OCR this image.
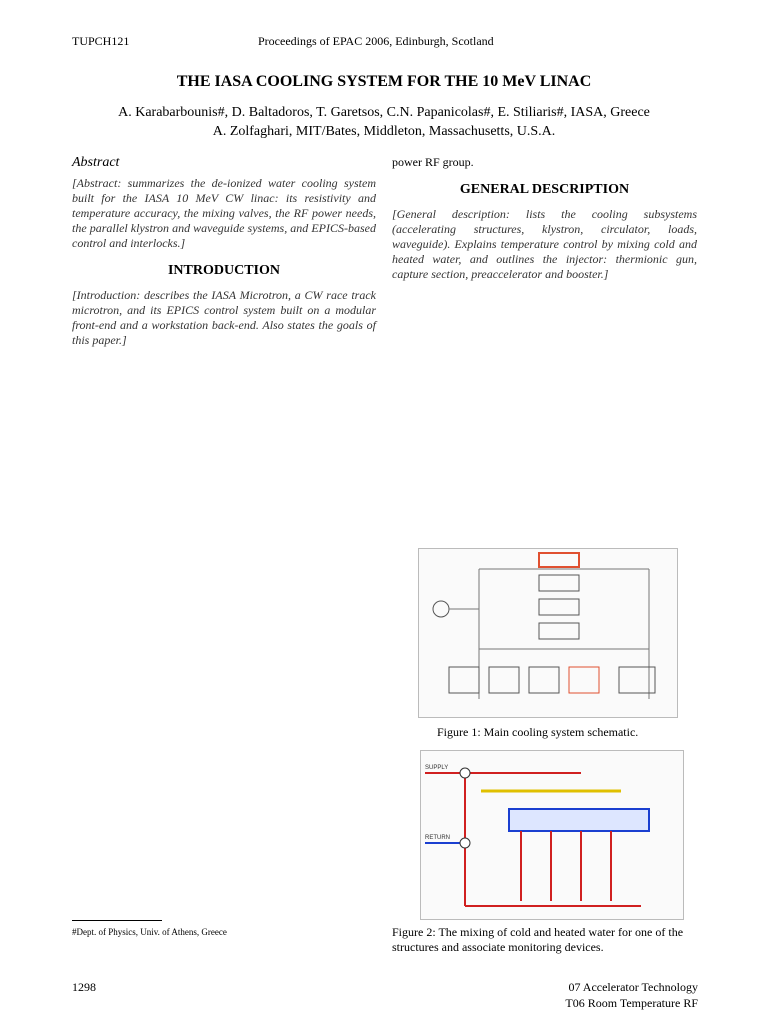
TUPCH121	Proceedings of EPAC 2006, Edinburgh, Scotland
THE IASA COOLING SYSTEM FOR THE 10 MeV LINAC
A. Karabarbounis#, D. Baltadoros, T. Garetsos, C.N. Papanicolas#, E. Stiliaris#, IASA, Greece
A. Zolfaghari, MIT/Bates, Middleton, Massachusetts, U.S.A.
Abstract

[Abstract: summarizes the de-ionized water cooling system built for the IASA 10 MeV CW linac: its resistivity and temperature accuracy, the mixing valves, the RF power needs, the parallel klystron and waveguide systems, and EPICS-based control and interlocks.]

INTRODUCTION

[Introduction: describes the IASA Microtron, a CW race track microtron, and its EPICS control system built on a modular front-end and a workstation back-end. Also states the goals of this paper.]

power RF group.
GENERAL DESCRIPTION

[General description: lists the cooling subsystems (accelerating structures, klystron, circulator, loads, waveguide). Explains temperature control by mixing cold and heated water, and outlines the injector: thermionic gun, capture section, preaccelerator and booster.]

Figure 1: Main cooling system schematic.
SUPPLY
RETURN
Figure 2: The mixing of cold and heated water for one of the structures and associate monitoring devices.
#Dept. of Physics, Univ. of Athens, Greece
1298	07 Accelerator Technology
T06 Room Temperature RF
